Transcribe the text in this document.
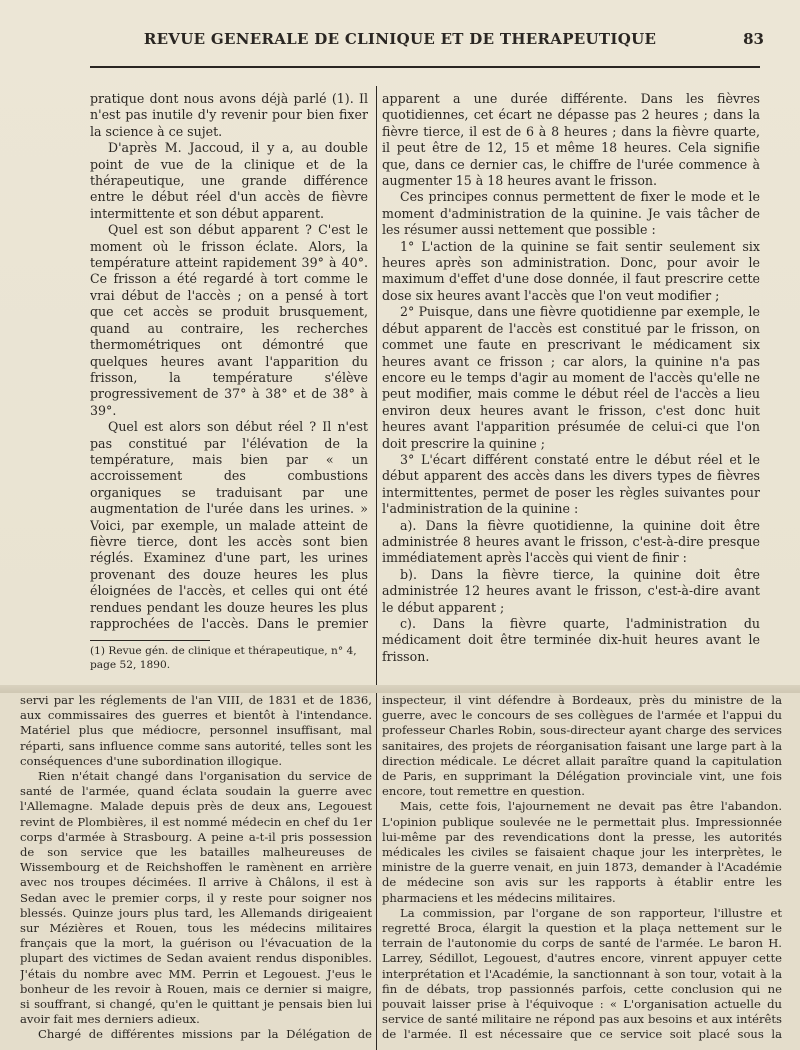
REVUE GENERALE DE CLINIQUE ET DE THERAPEUTIQUE	83

pratique dont nous avons déjà parlé (1). Il n'est pas inutile d'y revenir pour bien fixer la science à ce sujet.

D'après M. Jaccoud, il y a, au double point de vue de la clinique et de la thérapeutique, une grande différence entre le début réel d'un accès de fièvre intermittente et son début apparent.

Quel est son début apparent ? C'est le moment où le frisson éclate. Alors, la température atteint rapidement 39° à 40°. Ce frisson a été regardé à tort comme le vrai début de l'accès ; on a pensé à tort que cet accès se produit brusquement, quand au contraire, les recherches thermométriques ont démontré que quelques heures avant l'apparition du frisson, la température s'élève progressivement de 37° à 38° et de 38° à 39°.

Quel est alors son début réel ? Il n'est pas constitué par l'élévation de la température, mais bien par « un accroissement des combustions organiques se traduisant par une augmentation de l'urée dans les urines. » Voici, par exemple, un malade atteint de fièvre tierce, dont les accès sont bien réglés. Examinez d'une part, les urines provenant des douze heures les plus éloignées de l'accès, et celles qui ont été rendues pendant les douze heures les plus rapprochées de l'accès. Dans le premier

(1) Revue gén. de clinique et thérapeutique, n° 4, page 52, 1890.

apparent a une durée différente. Dans les fièvres quotidiennes, cet écart ne dépasse pas 2 heures ; dans la fièvre tierce, il est de 6 à 8 heures ; dans la fièvre quarte, il peut être de 12, 15 et même 18 heures. Cela signifie que, dans ce dernier cas, le chiffre de l'urée commence à augmenter 15 à 18 heures avant le frisson.

Ces principes connus permettent de fixer le mode et le moment d'administration de la quinine. Je vais tâcher de les résumer aussi nettement que possible :

1° L'action de la quinine se fait sentir seulement six heures après son administration. Donc, pour avoir le maximum d'effet d'une dose donnée, il faut prescrire cette dose six heures avant l'accès que l'on veut modifier ;

2° Puisque, dans une fièvre quotidienne par exemple, le début apparent de l'accès est constitué par le frisson, on commet une faute en prescrivant le médicament six heures avant ce frisson ; car alors, la quinine n'a pas encore eu le temps d'agir au moment de l'accès qu'elle ne peut modifier, mais comme le début réel de l'accès a lieu environ deux heures avant le frisson, c'est donc huit heures avant l'apparition présumée de celui-ci que l'on doit prescrire la quinine ;

3° L'écart différent constaté entre le début réel et le début apparent des accès dans les divers types de fièvres intermittentes, permet de poser les règles suivantes pour l'administration de la quinine :

a). Dans la fièvre quotidienne, la quinine doit être administrée 8 heures avant le frisson, c'est-à-dire presque immédiatement après l'accès qui vient de finir :

b). Dans la fièvre tierce, la quinine doit être administrée 12 heures avant le frisson, c'est-à-dire avant le début apparent ;

c). Dans la fièvre quarte, l'administration du médicament doit être terminée dix-huit heures avant le frisson.

servi par les réglements de l'an VIII, de 1831 et de 1836, aux commissaires des guerres et bientôt à l'intendance. Matériel plus que médiocre, personnel insuffisant, mal réparti, sans influence comme sans autorité, telles sont les conséquences d'une subordination illogique.

Rien n'était changé dans l'organisation du service de santé de l'armée, quand éclata soudain la guerre avec l'Allemagne. Malade depuis près de deux ans, Legouest revint de Plombières, il est nommé médecin en chef du 1er corps d'armée à Strasbourg. A peine a-t-il pris possession de son service que les batailles malheureuses de Wissembourg et de Reichshoffen le ramènent en arrière avec nos troupes décimées. Il arrive à Châlons, il est à Sedan avec le premier corps, il y reste pour soigner nos blessés. Quinze jours plus tard, les Allemands dirigeaient sur Mézières et Rouen, tous les médecins militaires français que la mort, la guérison ou l'évacuation de la plupart des victimes de Sedan avaient rendus disponibles. J'étais du nombre avec MM. Perrin et Legouest. J'eus le bonheur de les revoir à Rouen, mais ce dernier si maigre, si souffrant, si changé, qu'en le quittant je pensais bien lui avoir fait mes derniers adieux.

Chargé de différentes missions par la Délégation de

inspecteur, il vint défendre à Bordeaux, près du ministre de la guerre, avec le concours de ses collègues de l'armée et l'appui du professeur Charles Robin, sous-directeur ayant charge des services sanitaires, des projets de réorganisation faisant une large part à la direction médicale. Le décret allait paraître quand la capitulation de Paris, en supprimant la Délégation provinciale vint, une fois encore, tout remettre en question.

Mais, cette fois, l'ajournement ne devait pas être l'abandon. L'opinion publique soulevée ne le permettait plus. Impressionnée lui-même par des revendications dont la presse, les autorités médicales les civiles se faisaient chaque jour les interprètes, le ministre de la guerre venait, en juin 1873, demander à l'Académie de médecine son avis sur les rapports à établir entre les pharmaciens et les médecins militaires.

La commission, par l'organe de son rapporteur, l'illustre et regretté Broca, élargit la question et la plaça nettement sur le terrain de l'autonomie du corps de santé de l'armée. Le baron H. Larrey, Sédillot, Legouest, d'autres encore, vinrent appuyer cette interprétation et l'Académie, la sanctionnant à son tour, votait à la fin de débats, trop passionnés parfois, cette conclusion qui ne pouvait laisser prise à l'équivoque : « L'organisation actuelle du service de santé militaire ne répond pas aux besoins et aux intérêts de l'armée. Il est nécessaire que ce service soit placé sous la
